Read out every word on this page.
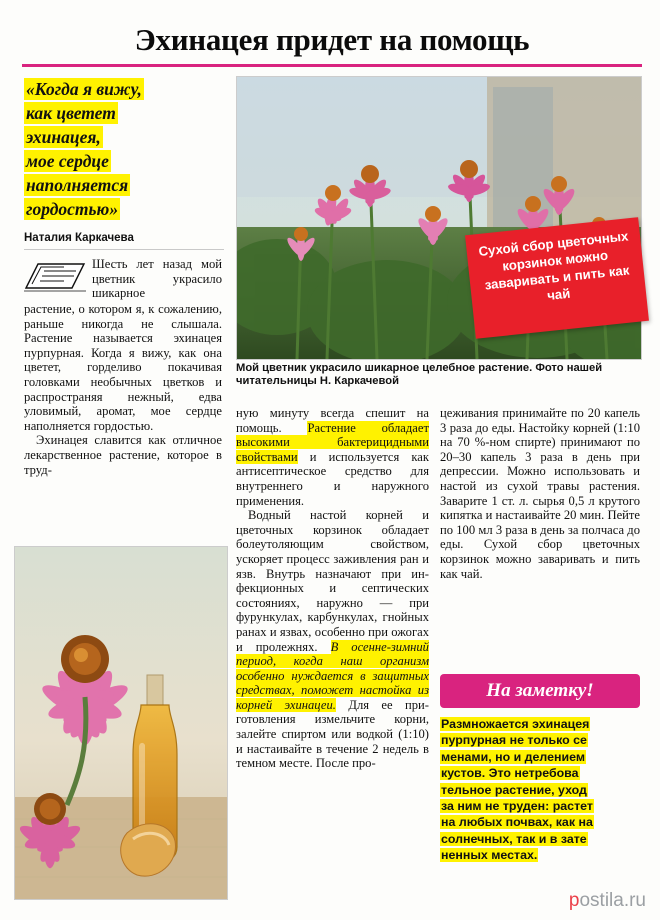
Эхинацея придет на помощь
«Когда я вижу,
как цветет
эхинацея,
мое сердце
наполняется
гордостью»
Наталия Каркачева
Шесть лет назад мой цветник украсило шикарное

растение, о котором я, к сожалению, раньше никогда не слышала. Растение называется эхинацея пурпурная. Когда я вижу, как она цветет, горделиво покачивая головками необычных цветков и распространяя нежный, едва уловимый, аромат, мое сердце наполняется гордостью.

Эхинацея славится как отличное лекарственное растение, которое в труд-

Сухой сбор цветочных корзинок можно заваривать и пить как чай
Мой цветник украсило шикарное целебное растение. Фото нашей читательницы Н. Каркачевой

ную минуту всегда спешит на помощь. Растение обладает высокими бактерицидными свойствами и используется как антисептическое средство для внутреннего и наружного применения.

Водный настой корней и цветочных корзинок обладает болеутоляющим свойством, ускоряет процесс заживления ран и язв. Внутрь назначают при инфекционных и септических состояниях, наружно — при фурункулах, карбункулах, гнойных ранах и язвах, особенно при ожогах и пролежнях. В осенне-зимний период, когда наш организм особенно нуждается в защитных средствах, поможет настойка из корней эхинацеи. Для ее приготовления измельчите корни, залейте спиртом или водкой (1:10) и настаивайте в течение 2 недель в темном месте. После про-

цеживания принимайте по 20 капель 3 раза до еды. Настойку корней (1:10 на 70 %-ном спирте) принимают по 20–30 капель 3 раза в день при депрессии. Можно использовать и настой из сухой травы растения. Заварите 1 ст. л. сырья 0,5 л крутого кипятка и настаивайте 20 мин. Пейте по 100 мл 3 раза в день за полчаса до еды. Сухой сбор цветочных корзинок можно заваривать и пить как чай.

На заметку!
Размножается эхинацея
пурпурная не только се
менами, но и делением
кустов. Это нетребова
тельное растение, уход
за ним не труден: растет
на любых почвах, как на
солнечных, так и в зате
ненных местах.
postila.ru
